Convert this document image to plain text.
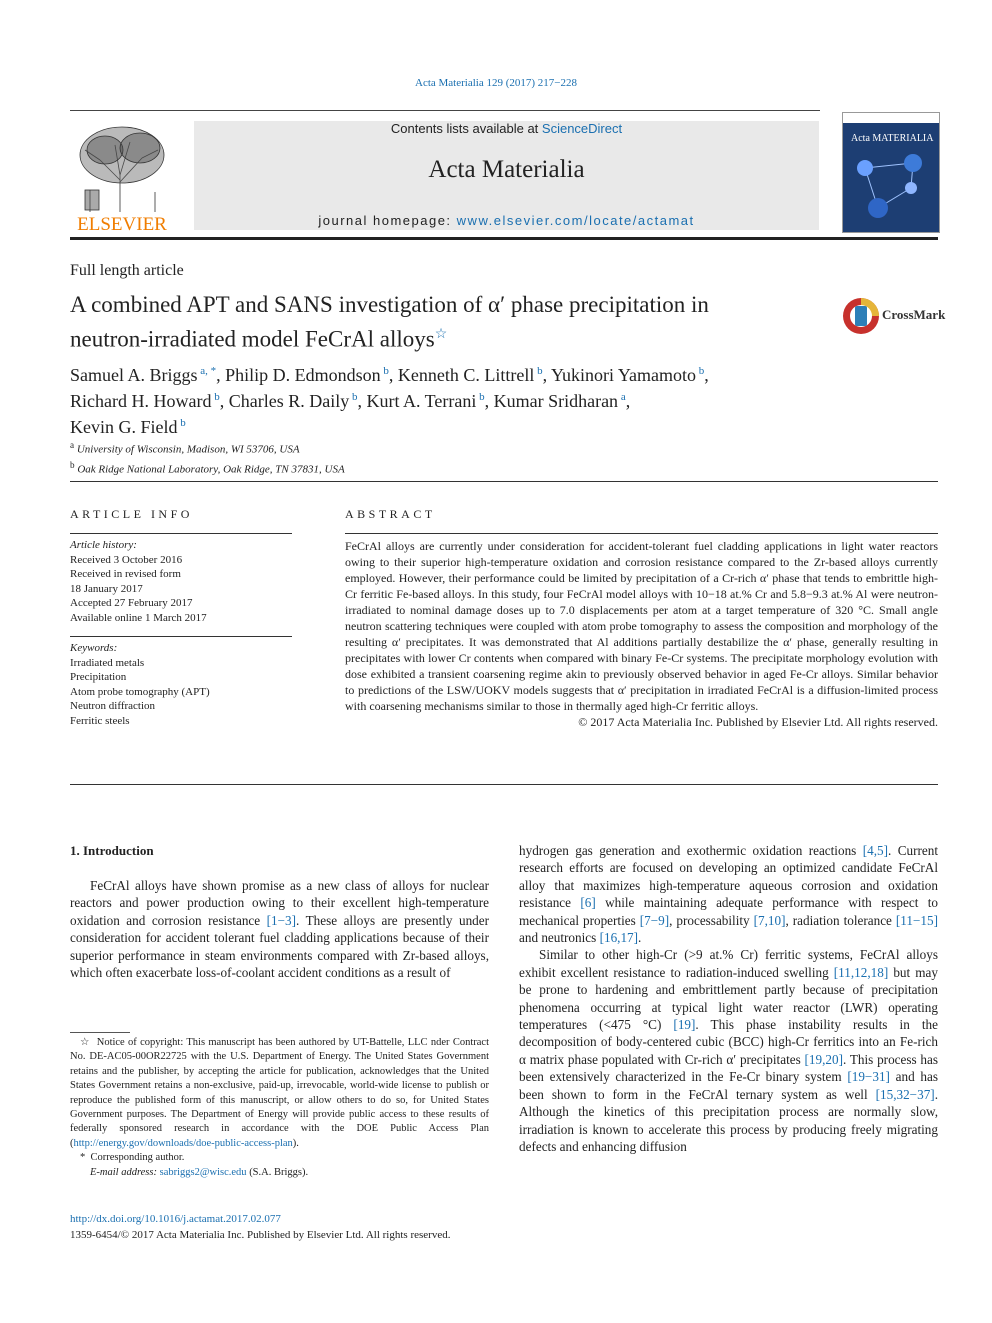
Acta Materialia 129 (2017) 217−228
ELSEVIER
Contents lists available at ScienceDirect
Acta Materialia
journal homepage: www.elsevier.com/locate/actamat
Acta MATERIALIA
Full length article
A combined APT and SANS investigation of α′ phase precipitation in
neutron-irradiated model FeCrAl alloys☆
CrossMark
Samuel A. Briggs $^{a, *}$, Philip D. Edmondson $^b$, Kenneth C. Littrell $^b$, Yukinori Yamamoto $^b$,
Richard H. Howard $^b$, Charles R. Daily $^b$, Kurt A. Terrani $^b$, Kumar Sridharan $^a$,
Kevin G. Field $^b$
$^a$ University of Wisconsin, Madison, WI 53706, USA
$^b$ Oak Ridge National Laboratory, Oak Ridge, TN 37831, USA
ARTICLE INFO
Article history:
Received 3 October 2016
Received in revised form
18 January 2017
Accepted 27 February 2017
Available online 1 March 2017
Keywords:
Irradiated metals
Precipitation
Atom probe tomography (APT)
Neutron diffraction
Ferritic steels
ABSTRACT
FeCrAl alloys are currently under consideration for accident-tolerant fuel cladding applications in light water reactors owing to their superior high-temperature oxidation and corrosion resistance compared to the Zr-based alloys currently employed. However, their performance could be limited by precipitation of a Cr-rich α′ phase that tends to embrittle high-Cr ferritic Fe-based alloys. In this study, four FeCrAl model alloys with 10−18 at.% Cr and 5.8−9.3 at.% Al were neutron-irradiated to nominal damage doses up to 7.0 displacements per atom at a target temperature of 320 °C. Small angle neutron scattering techniques were coupled with atom probe tomography to assess the composition and morphology of the resulting α′ precipitates. It was demonstrated that Al additions partially destabilize the α′ phase, generally resulting in precipitates with lower Cr contents when compared with binary Fe-Cr systems. The precipitate morphology evolution with dose exhibited a transient coarsening regime akin to previously observed behavior in aged Fe-Cr alloys. Similar behavior to predictions of the LSW/UOKV models suggests that α′ precipitation in irradiated FeCrAl is a diffusion-limited process with coarsening mechanisms similar to those in thermally aged high-Cr ferritic alloys.
© 2017 Acta Materialia Inc. Published by Elsevier Ltd. All rights reserved.
1. Introduction
FeCrAl alloys have shown promise as a new class of alloys for nuclear reactors and power production owing to their excellent high-temperature oxidation and corrosion resistance [1−3]. These alloys are presently under consideration for accident tolerant fuel cladding applications because of their superior performance in steam environments compared with Zr-based alloys, which often exacerbate loss-of-coolant accident conditions as a result of
hydrogen gas generation and exothermic oxidation reactions [4,5]. Current research efforts are focused on developing an optimized candidate FeCrAl alloy that maximizes high-temperature aqueous corrosion and oxidation resistance [6] while maintaining adequate performance with respect to mechanical properties [7−9], processability [7,10], radiation tolerance [11−15] and neutronics [16,17].
Similar to other high-Cr (>9 at.% Cr) ferritic systems, FeCrAl alloys exhibit excellent resistance to radiation-induced swelling [11,12,18] but may be prone to hardening and embrittlement partly because of precipitation phenomena occurring at typical light water reactor (LWR) operating temperatures (<475 °C) [19]. This phase instability results in the decomposition of body-centered cubic (BCC) high-Cr ferritics into an Fe-rich α matrix phase populated with Cr-rich α′ precipitates [19,20]. This process has been extensively characterized in the Fe-Cr binary system [19−31] and has been shown to form in the FeCrAl ternary system as well [15,32−37]. Although the kinetics of this precipitation process are normally slow, irradiation is known to accelerate this process by producing freely migrating defects and enhancing diffusion
☆ Notice of copyright: This manuscript has been authored by UT-Battelle, LLC nder Contract No. DE-AC05-00OR22725 with the U.S. Department of Energy. The United States Government retains and the publisher, by accepting the article for publication, acknowledges that the United States Government retains a non-exclusive, paid-up, irrevocable, world-wide license to publish or reproduce the published form of this manuscript, or allow others to do so, for United States Government purposes. The Department of Energy will provide public access to these results of federally sponsored research in accordance with the DOE Public Access Plan (http://energy.gov/downloads/doe-public-access-plan).
* Corresponding author.
E-mail address: sabriggs2@wisc.edu (S.A. Briggs).
http://dx.doi.org/10.1016/j.actamat.2017.02.077
1359-6454/© 2017 Acta Materialia Inc. Published by Elsevier Ltd. All rights reserved.
